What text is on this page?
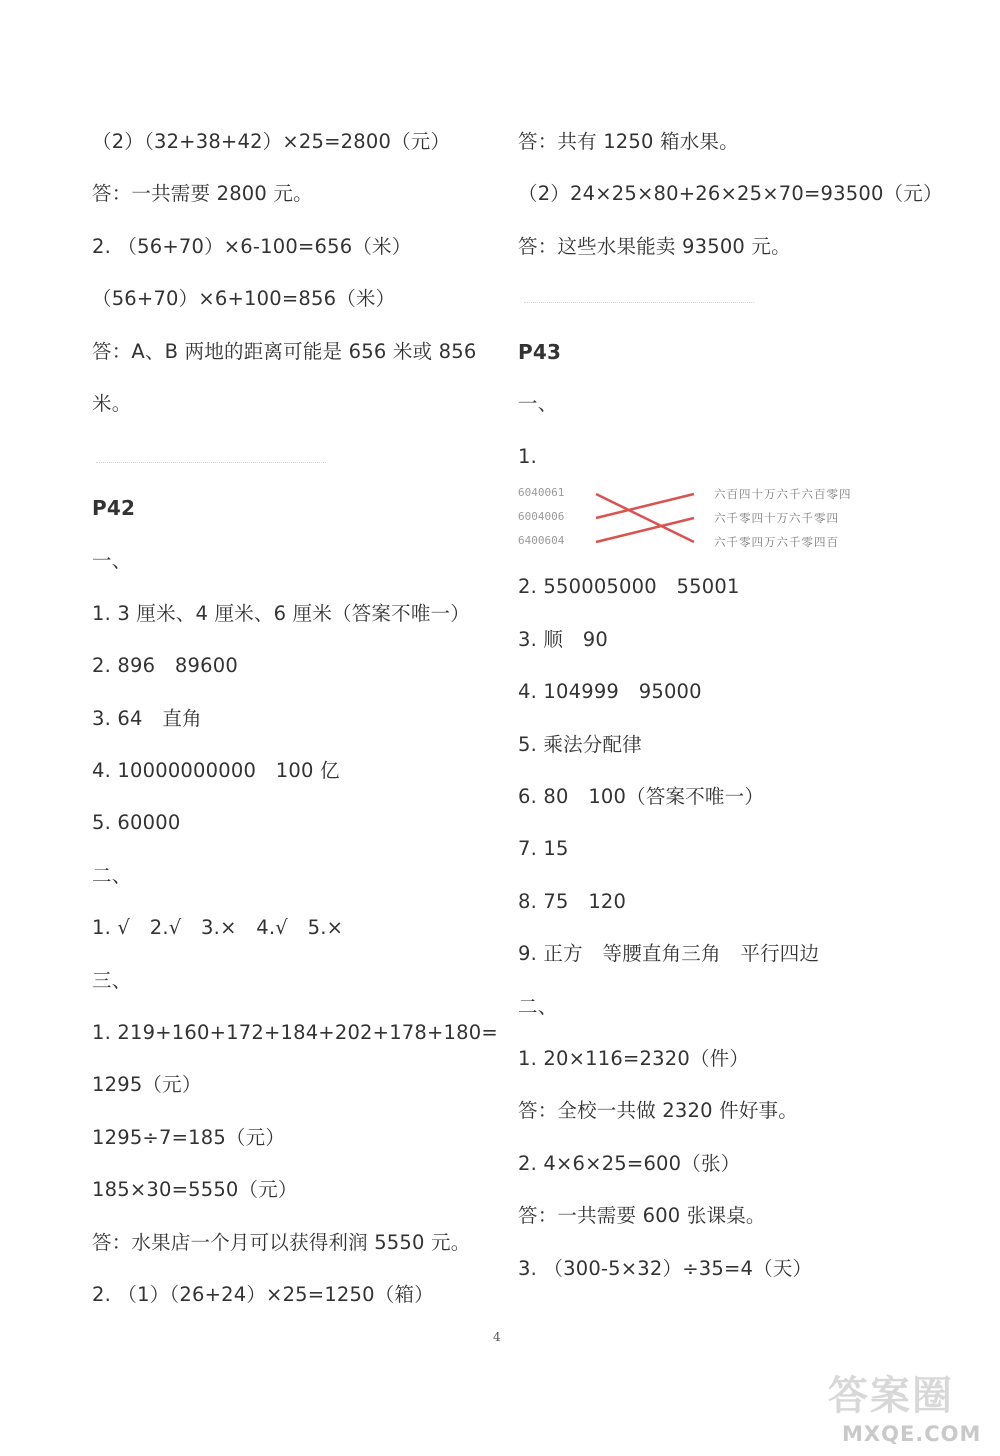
（2）（32+38+42）×25=2800（元）
答：一共需要 2800 元。
2. （56+70）×6-100=656（米）
（56+70）×6+100=856（米）
答：A、B 两地的距离可能是 656 米或 856
米。
P42
一、
1. 3 厘米、4 厘米、6 厘米（答案不唯一）
2. 896　89600
3. 64　直角
4. 10000000000　100 亿
5. 60000
二、
1. √　2.√　3.×　4.√　5.×
三、
1. 219+160+172+184+202+178+180=
1295（元）
1295÷7=185（元）
185×30=5550（元）
答：水果店一个月可以获得利润 5550 元。
2. （1）（26+24）×25=1250（箱）
答：共有 1250 箱水果。
（2）24×25×80+26×25×70=93500（元）
答：这些水果能卖 93500 元。
P43
一、
1.
6040061
6004006
6400604
六百四十万六千六百零四
六千零四十万六千零四
六千零四万六千零四百
2. 550005000　55001
3. 顺　90
4. 104999　95000
5. 乘法分配律
6. 80　100（答案不唯一）
7. 15
8. 75　120
9. 正方　等腰直角三角　平行四边
二、
1. 20×116=2320（件）
答：全校一共做 2320 件好事。
2. 4×6×25=600（张）
答：一共需要 600 张课桌。
3. （300-5×32）÷35=4（天）
4
答案圈
MXQE.COM
